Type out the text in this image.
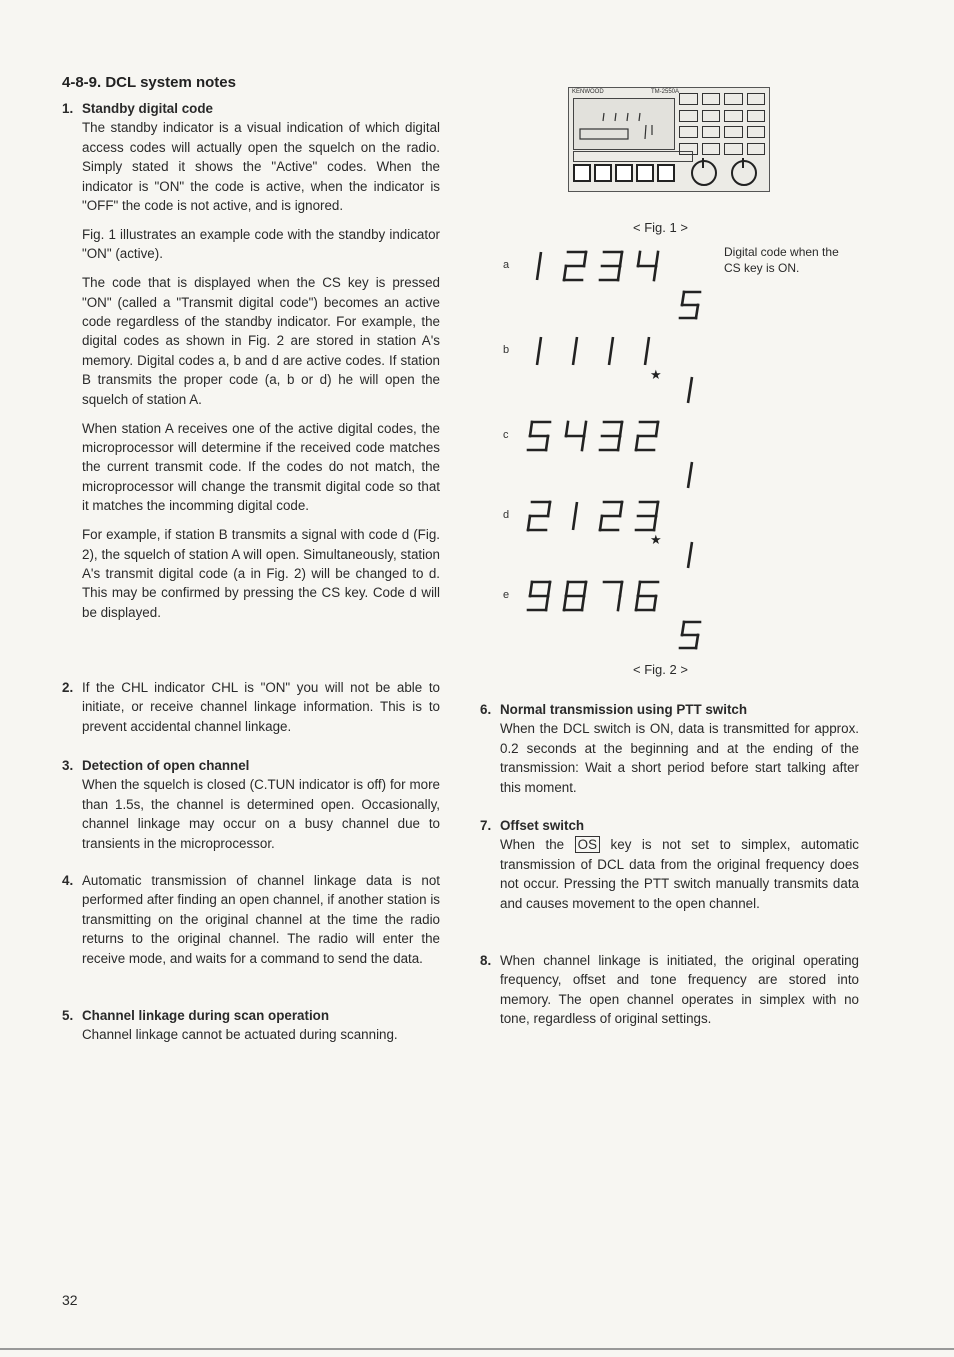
4-8-9. DCL system notes
1. Standby digital code

The standby indicator is a visual indication of which digital access codes will actually open the squelch on the radio. Simply stated it shows the "Active" codes. When the indicator is "ON" the code is active, when the indicator is "OFF" the code is not active, and is ignored.

Fig. 1 illustrates an example code with the standby indicator "ON" (active).

The code that is displayed when the CS key is pressed "ON" (called a "Transmit digital code") becomes an active code regardless of the standby indicator. For example, the digital codes as shown in Fig. 2 are stored in station A's memory. Digital codes a, b and d are active codes. If station B transmits the proper code (a, b or d) he will open the squelch of station A.

When station A receives one of the active digital codes, the microprocessor will determine if the received code matches the current transmit code. If the codes do not match, the microprocessor will change the transmit digital code so that it matches the incomming digital code.

For example, if station B transmits a signal with code d (Fig. 2), the squelch of station A will open. Simultaneously, station A's transmit digital code (a in Fig. 2) will be changed to d. This may be confirmed by pressing the CS key. Code d will be displayed.

2. If the CHL indicator CHL is "ON" you will not be able to initiate, or receive channel linkage information. This is to prevent accidental channel linkage.

3. Detection of open channel

When the squelch is closed (C.TUN indicator is off) for more than 1.5s, the channel is determined open. Occasionally, channel linkage may occur on a busy channel due to transients in the microprocessor.

4. Automatic transmission of channel linkage data is not performed after finding an open channel, if another station is transmitting on the original channel at the time the radio returns to the original channel. The radio will enter the receive mode, and waits for a command to send the data.

5. Channel linkage during scan operation

Channel linkage cannot be actuated during scanning.

KENWOOD	TM-2550A
< Fig. 1 >
Digital code when the CS key is ON.
a
b
★
c
d
★
e
< Fig. 2 >
6. Normal transmission using PTT switch

When the DCL switch is ON, data is transmitted for approx. 0.2 seconds at the beginning and at the ending of the transmission: Wait a short period before start talking after this moment.

7. Offset switch

When the OS key is not set to simplex, automatic transmission of DCL data from the original frequency does not occur. Pressing the PTT switch manually transmits data and causes movement to the open channel.

8. When channel linkage is initiated, the original operating frequency, offset and tone frequency are stored into memory. The open channel operates in simplex with no tone, regardless of original settings.

32
